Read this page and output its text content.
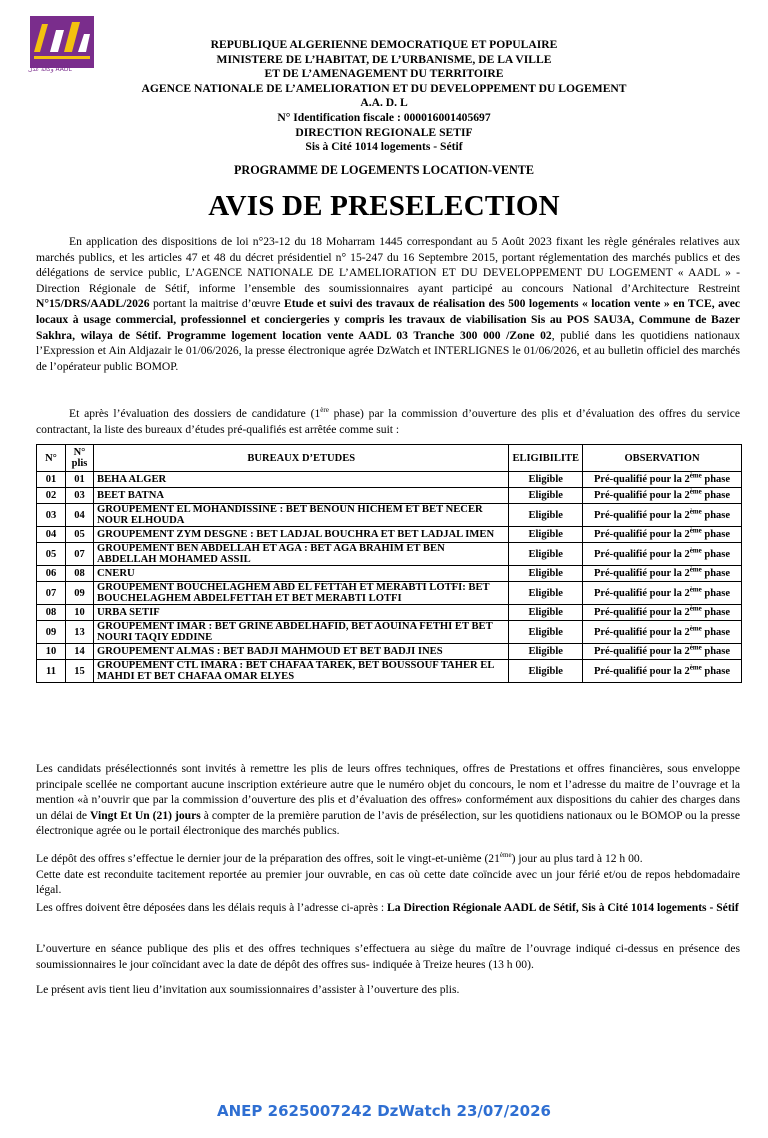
وكالة عدل AADL
REPUBLIQUE ALGERIENNE DEMOCRATIQUE ET POPULAIRE
MINISTERE DE L’HABITAT, DE L’URBANISME, DE LA VILLE
ET DE L’AMENAGEMENT DU TERRITOIRE
AGENCE NATIONALE DE L’AMELIORATION ET DU DEVELOPPEMENT DU LOGEMENT
A.A. D. L
N° Identification fiscale : 000016001405697
DIRECTION REGIONALE SETIF
Sis à Cité 1014 logements - Sétif
PROGRAMME DE LOGEMENTS LOCATION-VENTE
AVIS DE PRESELECTION
En application des dispositions de loi n°23-12 du 18 Moharram 1445 correspondant au 5 Août 2023 fixant les règle générales relatives aux marchés publics, et les articles 47 et 48 du décret présidentiel n° 15-247 du 16 Septembre 2015, portant réglementation des marchés publics et des délégations de service public, L’AGENCE NATIONALE DE L’AMELIORATION ET DU DEVELOPPEMENT DU LOGEMENT « AADL » - Direction Régionale de Sétif, informe l’ensemble des soumissionnaires ayant participé au concours National d’Architecture Restreint N°15/DRS/AADL/2026 portant la maitrise d’œuvre Etude et suivi des travaux de réalisation des 500 logements « location vente » en TCE, avec locaux à usage commercial, professionnel et conciergeries y compris les travaux de viabilisation Sis au POS SAU3A, Commune de Bazer Sakhra, wilaya de Sétif. Programme logement location vente AADL 03 Tranche 300 000 /Zone 02, publié dans les quotidiens nationaux l’Expression et Ain Aldjazair le 01/06/2026, la presse électronique agrée DzWatch et INTERLIGNES le 01/06/2026, et au bulletin officiel des marchés de l’opérateur public BOMOP.
Et après l’évaluation des dossiers de candidature (1ère phase) par la commission d’ouverture des plis et d’évaluation des offres du service contractant, la liste des bureaux d’études pré-qualifiés est arrêtée comme suit :
N°	N° plis	BUREAUX D’ETUDES	ELIGIBILITE	OBSERVATION
01	01	BEHA ALGER	Eligible	Pré-qualifié pour la 2ème phase
02	03	BEET BATNA	Eligible	Pré-qualifié pour la 2ème phase
03	04	GROUPEMENT EL MOHANDISSINE : BET BENOUN HICHEM ET BET NECER NOUR ELHOUDA	Eligible	Pré-qualifié pour la 2ème phase
04	05	GROUPEMENT ZYM DESGNE : BET LADJAL BOUCHRA ET BET LADJAL IMEN	Eligible	Pré-qualifié pour la 2ème phase
05	07	GROUPEMENT BEN ABDELLAH ET AGA : BET AGA BRAHIM ET BEN ABDELLAH MOHAMED ASSIL	Eligible	Pré-qualifié pour la 2ème phase
06	08	CNERU	Eligible	Pré-qualifié pour la 2ème phase
07	09	GROUPEMENT BOUCHELAGHEM ABD EL FETTAH ET MERABTI LOTFI: BET BOUCHELAGHEM ABDELFETTAH ET BET MERABTI LOTFI	Eligible	Pré-qualifié pour la 2ème phase
08	10	URBA SETIF	Eligible	Pré-qualifié pour la 2ème phase
09	13	GROUPEMENT IMAR : BET GRINE ABDELHAFID, BET AOUINA FETHI ET BET NOURI TAQIY EDDINE	Eligible	Pré-qualifié pour la 2ème phase
10	14	GROUPEMENT ALMAS : BET BADJI MAHMOUD ET BET BADJI INES	Eligible	Pré-qualifié pour la 2ème phase
11	15	GROUPEMENT CTL IMARA : BET CHAFAA TAREK, BET BOUSSOUF TAHER EL MAHDI ET BET CHAFAA OMAR ELYES	Eligible	Pré-qualifié pour la 2ème phase
Les candidats présélectionnés sont invités à remettre les plis de leurs offres techniques, offres de Prestations et offres financières, sous enveloppe principale scellée ne comportant aucune inscription extérieure autre que le numéro objet du concours, le nom et l’adresse du maitre de l’ouvrage et la mention «à n’ouvrir que par la commission d’ouverture des plis et d’évaluation des offres» conformément aux dispositions du cahier des charges dans un délai de Vingt Et Un (21) jours à compter de la première parution de l’avis de présélection, sur les quotidiens nationaux ou le BOMOP ou la presse électronique agrée ou le portail électronique des marchés publics.
Le dépôt des offres s’effectue le dernier jour de la préparation des offres, soit le vingt-et-unième (21ème) jour au plus tard à 12 h 00.
Cette date est reconduite tacitement reportée au premier jour ouvrable, en cas où cette date coïncide avec un jour férié et/ou de repos hebdomadaire légal.
Les offres doivent être déposées dans les délais requis à l’adresse ci-après : La Direction Régionale AADL de Sétif, Sis à Cité 1014 logements - Sétif
L’ouverture en séance publique des plis et des offres techniques s’effectuera au siège du maître de l’ouvrage indiqué ci-dessus en présence des soumissionnaires le jour coïncidant avec la date de dépôt des offres sus- indiquée à Treize heures (13 h 00).
Le présent avis tient lieu d’invitation aux soumissionnaires d’assister à l’ouverture des plis.
ANEP 2625007242 DzWatch 23/07/2026
